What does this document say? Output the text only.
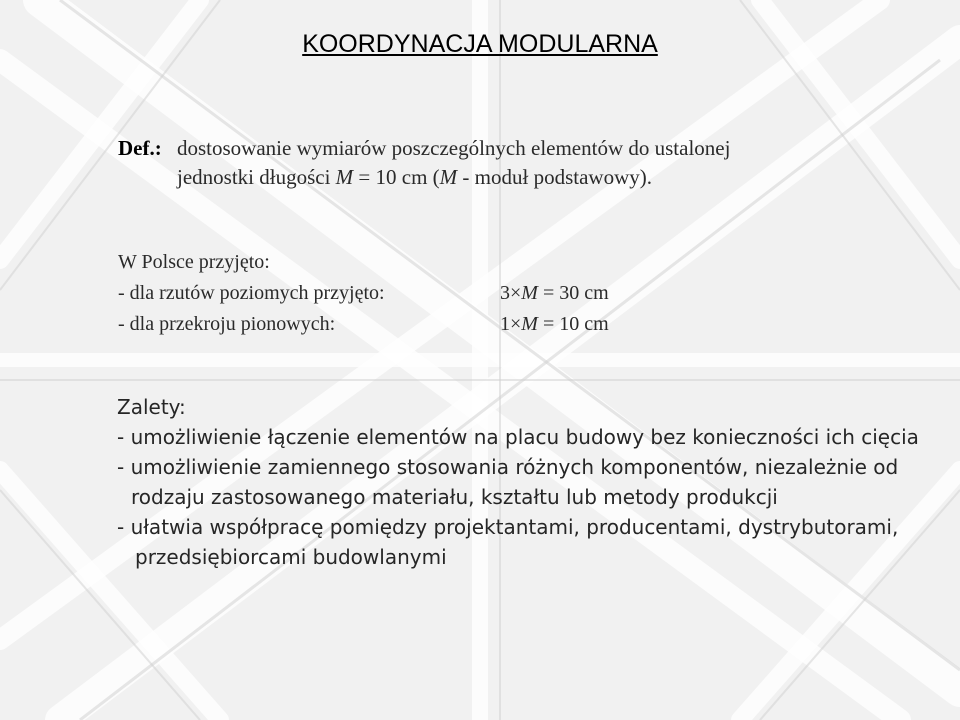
KOORDYNACJA MODULARNA
Def.: dostosowanie wymiarów poszczególnych elementów do ustalonej
jednostki długości M = 10 cm (M - moduł podstawowy).
W Polsce przyjęto:
- dla rzutów poziomych przyjęto:	3×M = 30 cm
- dla przekroju pionowych:	1×M = 10 cm
Zalety:
- umożliwienie łączenie elementów na placu budowy bez konieczności ich cięcia
- umożliwienie zamiennego stosowania różnych komponentów, niezależnie od
rodzaju zastosowanego materiału, kształtu lub metody produkcji
- ułatwia współpracę pomiędzy projektantami, producentami, dystrybutorami,
przedsiębiorcami budowlanymi
